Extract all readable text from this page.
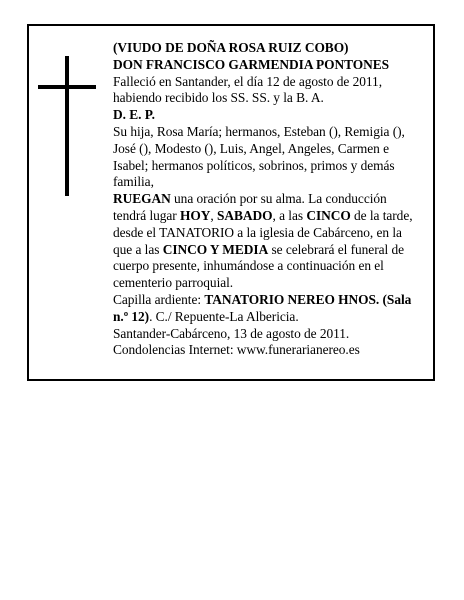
(VIUDO DE DOÑA ROSA RUIZ COBO)

DON FRANCISCO GARMENDIA PONTONES

Falleció en Santander, el día 12 de agosto de 2011, habiendo recibido los SS. SS. y la B. A.

D. E. P.

Su hija, Rosa María; hermanos, Esteban (), Remigia (), José (), Modesto (), Luis, Angel, Angeles, Carmen e Isabel; hermanos políticos, sobrinos, primos y demás familia,

RUEGAN una oración por su alma. La conducción tendrá lugar HOY, SABADO, a las CINCO de la tarde, desde el TANATORIO a la iglesia de Cabárceno, en la que a las CINCO Y MEDIA se celebrará el funeral de cuerpo presente, inhumándose a continuación en el cementerio parroquial.

Capilla ardiente: TANATORIO NEREO HNOS. (Sala n.º 12). C./ Repuente-La Albericia.

Santander-Cabárceno, 13 de agosto de 2011.

Condolencias Internet: www.funerarianereo.es
